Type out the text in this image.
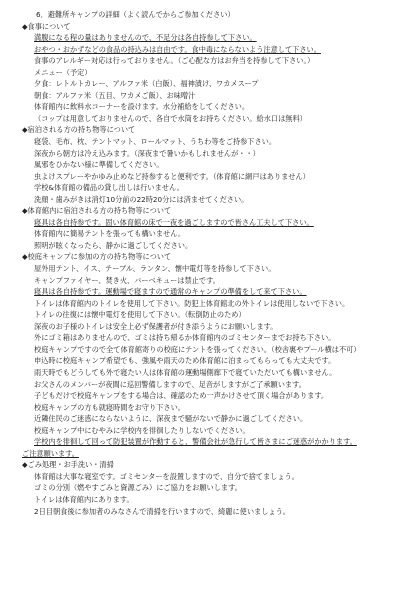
6．避難所キャンプの詳細（よく読んでからご参加ください）
◆食事について
満腹になる程の量はありませんので、不足分は各自持参して下さい。
おやつ・おかずなどの食品の持込みは自由です。食中毒にならないよう注意して下さい。
食事のアレルギー対応は行っておりません。（ご心配な方はお弁当を持参して下さい。）
メニュー（予定）
夕食：レトルトカレー、アルファ米（白飯）、福神漬け、ワカメスープ
朝食：アルファ米（五目、ワカメご飯）、お味噌汁
体育館内に飲料水コーナーを設けます。水分補給をしてください。
（コップは用意しておりませんので、各自で水筒をお持ちください。給水口は無料）
◆宿泊される方の持ち物等について
寝袋、毛布、枕、テントマット、ロールマット、うちわ等をご持参下さい。
深夜から朝方は冷え込みます。（深夜まで暑いかもしれませんが・・）
風邪をひかない様に準備してください。
虫よけスプレーやかゆみ止めなど持参すると便利です。（体育館に網戸はありません）
学校&体育館の備品の貸し出しは行いません。
洗顔・歯みがきは消灯10分前の22時20分には済ませてください。
◆体育館内に宿泊される方の持ち物等について
寝具は各自持参です。固い体育館の床で一夜を過ごしますので皆さん工夫して下さい。
体育館内に簡易テントを張っても構いません。
照明が眩くなったら、静かに過ごしてください。
◆校庭キャンプに参加の方の持ち物等について
屋外用テント、イス、テーブル、ランタン、懐中電灯等を持参して下さい。
キャンプファイヤー、焚き火、バーベキューは禁止です。
寝具は各自持参です。運動場で寝ますので通常のキャンプの準備をして来て下さい。
トイレは体育館内のトイレを使用して下さい。防犯上体育館北の外トイレは使用しないで下さい。
トイレの往復には懐中電灯を使用して下さい。（転倒防止のため）
深夜のお子様のトイレは安全上必ず保護者が付き添うようにお願いします。
外にゴミ箱はありませんので、ゴミは持ち帰るか体育館内のゴミセンターまでお持ち下さい。
校庭キャンプですので全て体育館寄りの校庭にテントを張ってください。（校舎裏やプール横は不可）
申込時に校庭キャンプ希望でも、強風や雨天のため体育館に泊まってもらっても大丈夫です。
雨天時でもどうしても外で寝たい人は体育館の運動場側廊下で寝ていただいても構いません。
お父さんのメンバーが夜間に巡回警備しますので、足音がしますがご了承願います。
子どもだけで校庭キャンプをする場合は、確認のため一声かけさせて頂く場合があります。
校庭キャンプの方も就寝時間をお守り下さい。
近隣住民のご迷惑にならないように、深夜まで騒がないで静かに過ごしてください。
校庭キャンプ中にむやみに学校内を徘徊したりしないでください。
学校内を徘徊して回って防犯装置が作動すると、警備会社が急行して皆さまにご迷惑がかかります。
ご注意願います。
◆ごみ処理・お手洗い・清掃
体育館は大事な寝室です。ゴミセンターを設置しますので、自分で捨てましょう。
ゴミの分別（燃やすごみと資源ごみ）にご協力をお願いします。
トイレは体育館内にあります。
2日目朝食後に参加者のみなさんで清掃を行いますので、綺麗に使いましょう。
